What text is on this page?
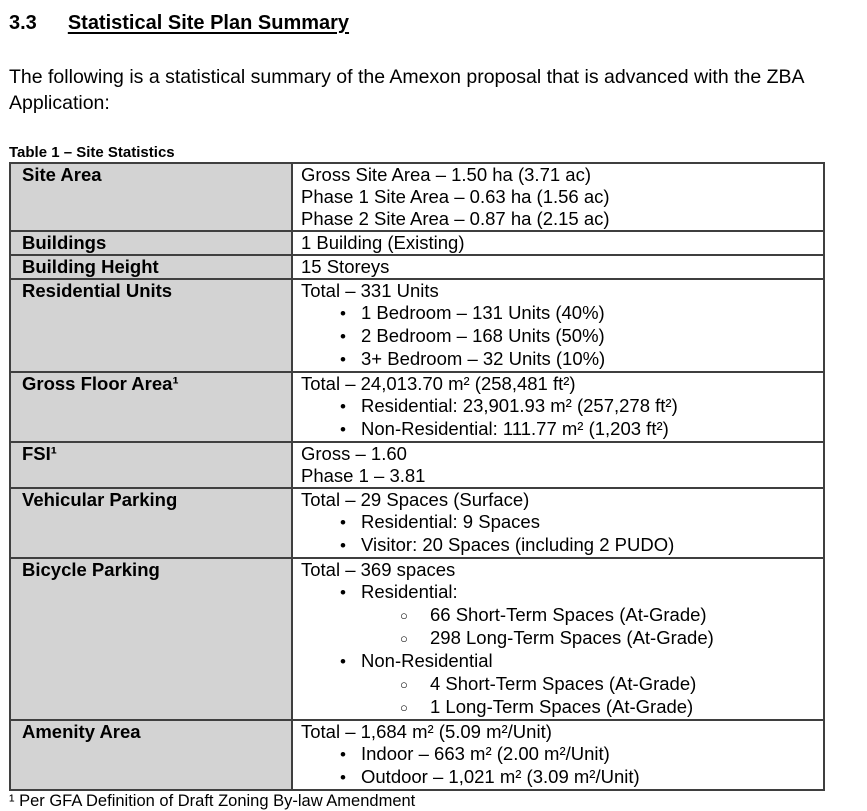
3.3 Statistical Site Plan Summary

The following is a statistical summary of the Amexon proposal that is advanced with the ZBA Application:

Table 1 – Site Statistics
Site Area	Gross Site Area – 1.50 ha (3.71 ac)
Phase 1 Site Area – 0.63 ha (1.56 ac)
Phase 2 Site Area – 0.87 ha (2.15 ac)

Buildings	1 Building (Existing)

Building Height	15 Storeys

Residential Units	Total – 331 Units
• 1 Bedroom – 131 Units (40%)
• 2 Bedroom – 168 Units (50%)
• 3+ Bedroom – 32 Units (10%)

Gross Floor Area¹	Total – 24,013.70 m² (258,481 ft²)
• Residential: 23,901.93 m² (257,278 ft²)
• Non-Residential: 111.77 m² (1,203 ft²)

FSI¹	Gross – 1.60
Phase 1 – 3.81

Vehicular Parking	Total – 29 Spaces (Surface)
• Residential: 9 Spaces
• Visitor: 20 Spaces (including 2 PUDO)

Bicycle Parking	Total – 369 spaces
• Residential:
○ 66 Short-Term Spaces (At-Grade)
○ 298 Long-Term Spaces (At-Grade)
• Non-Residential
○ 4 Short-Term Spaces (At-Grade)
○ 1 Long-Term Spaces (At-Grade)

Amenity Area	Total – 1,684 m² (5.09 m²/Unit)
• Indoor – 663 m² (2.00 m²/Unit)
• Outdoor – 1,021 m² (3.09 m²/Unit)
¹ Per GFA Definition of Draft Zoning By-law Amendment
